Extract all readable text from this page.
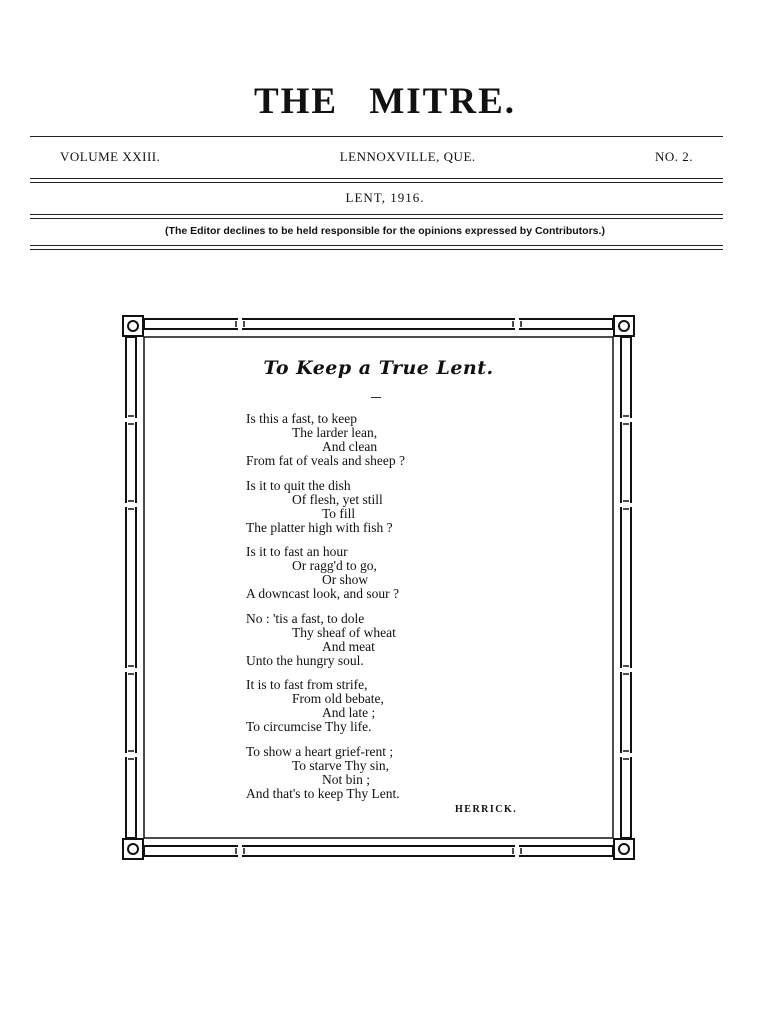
THE MITRE.
VOLUME XXIII.	LENNOXVILLE, QUE.	NO. 2.
LENT, 1916.
(The Editor declines to be held responsible for the opinions expressed by Contributors.)
To Keep a True Lent.
Is this a fast, to keep
The larder lean,
And clean
From fat of veals and sheep ?
Is it to quit the dish
Of flesh, yet still
To fill
The platter high with fish ?
Is it to fast an hour
Or ragg'd to go,
Or show
A downcast look, and sour ?
No : 'tis a fast, to dole
Thy sheaf of wheat
And meat
Unto the hungry soul.
It is to fast from strife,
From old bebate,
And late ;
To circumcise Thy life.
To show a heart grief-rent ;
To starve Thy sin,
Not bin ;
And that's to keep Thy Lent.
HERRICK.
